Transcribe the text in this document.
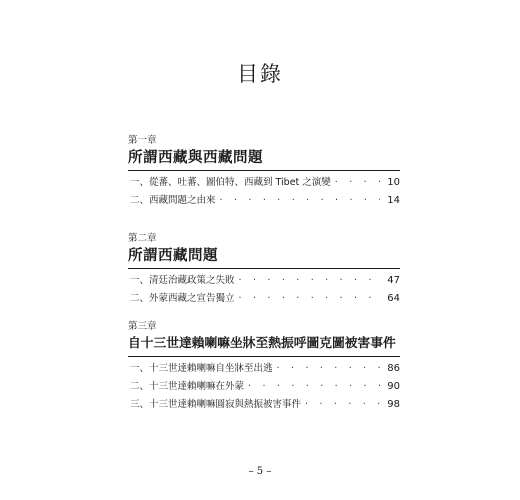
目錄

第一章

所謂西藏與西藏問題
一、從蕃、吐蕃、圖伯特、西藏到 Tibet 之演變 · · ·	10
二、西藏問題之由來 · · ·	14

第二章

所謂西藏問題
一、清廷治藏政策之失敗 · · ·	47
二、外蒙西藏之宣告獨立 · · ·	64

第三章

自十三世達賴喇嘛坐牀至熱振呼圖克圖被害事件
一、十三世達賴喇嘛自坐牀至出逃 · · ·	86
二、十三世達賴喇嘛在外蒙 · · ·	90
三、十三世達賴喇嘛圓寂與熱振被害事件 · · ·	98

– 5 –
